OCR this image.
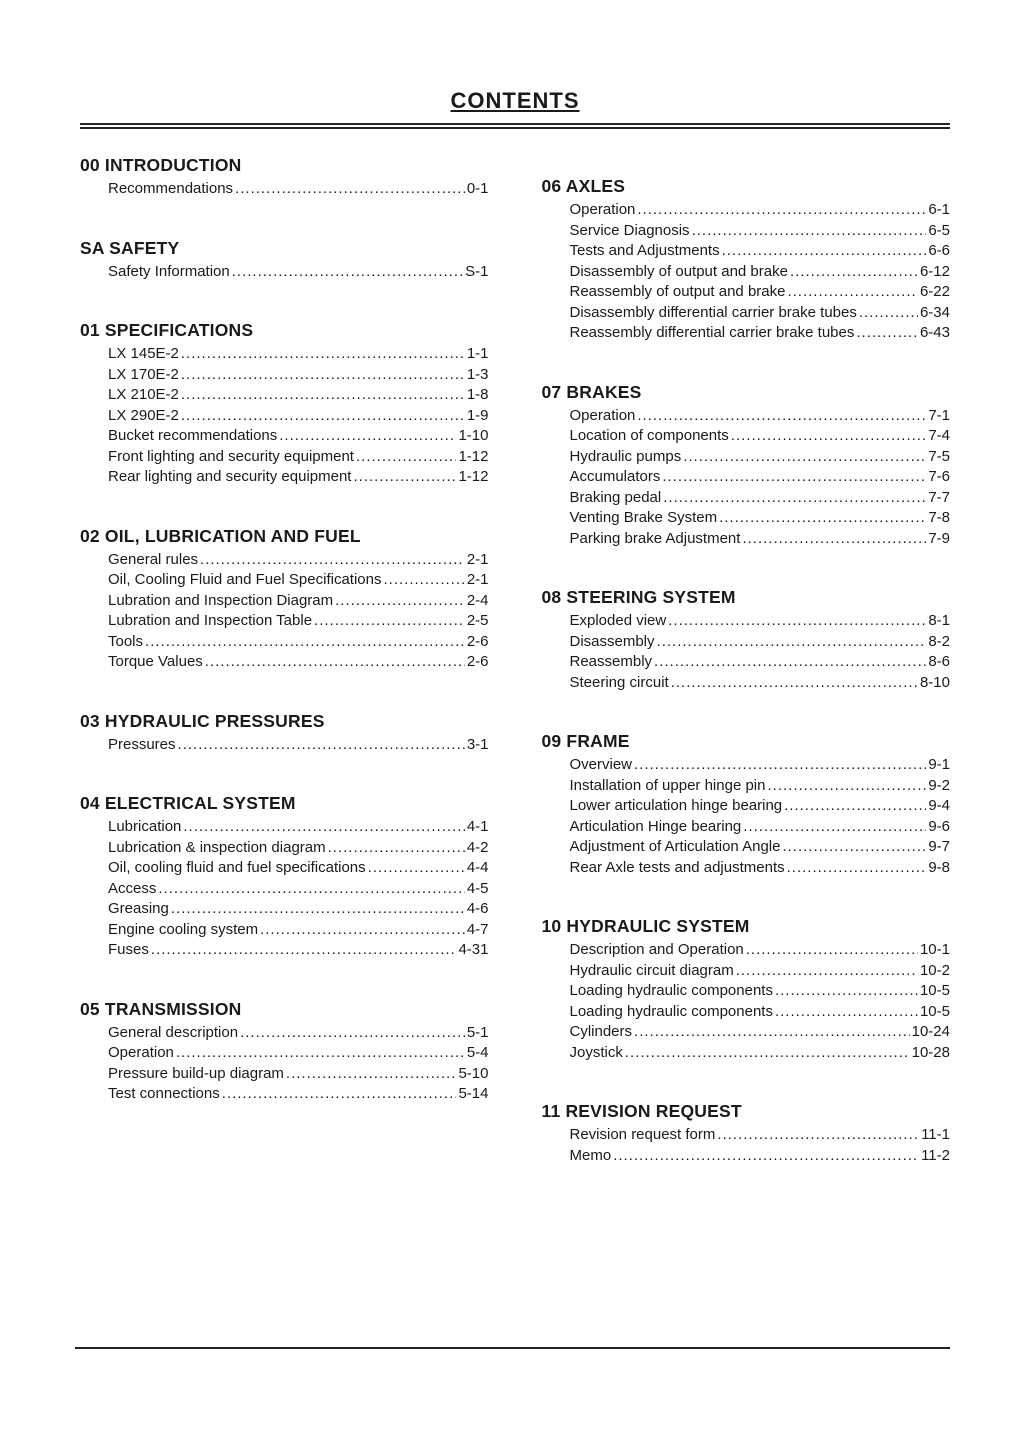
CONTENTS
00 INTRODUCTION
Recommendations .....	0-1
SA SAFETY
Safety Information .....	S-1
01 SPECIFICATIONS
LX 145E-2 .....	1-1
LX 170E-2 .....	1-3
LX 210E-2 .....	1-8
LX 290E-2 .....	1-9
Bucket recommendations .....	1-10
Front lighting and security equipment .....	1-12
Rear lighting and security equipment .....	1-12
02 OIL, LUBRICATION AND FUEL
General rules .....	2-1
Oil, Cooling Fluid and Fuel Specifications .....	2-1
Lubration and Inspection Diagram .....	2-4
Lubration and Inspection Table .....	2-5
Tools .....	2-6
Torque Values .....	2-6
03 HYDRAULIC PRESSURES
Pressures .....	3-1
04 ELECTRICAL SYSTEM
Lubrication .....	4-1
Lubrication & inspection diagram .....	4-2
Oil, cooling fluid and fuel specifications .....	4-4
Access .....	4-5
Greasing .....	4-6
Engine cooling system .....	4-7
Fuses .....	4-31
05 TRANSMISSION
General description .....	5-1
Operation .....	5-4
Pressure build-up diagram .....	5-10
Test connections .....	5-14
06 AXLES
Operation .....	6-1
Service Diagnosis .....	6-5
Tests and Adjustments .....	6-6
Disassembly of output and brake .....	6-12
Reassembly of output and brake .....	6-22
Disassembly differential carrier brake tubes .....	6-34
Reassembly differential carrier brake tubes .....	6-43
07 BRAKES
Operation .....	7-1
Location of components .....	7-4
Hydraulic pumps .....	7-5
Accumulators .....	7-6
Braking pedal .....	7-7
Venting Brake System .....	7-8
Parking brake Adjustment .....	7-9
08 STEERING SYSTEM
Exploded view .....	8-1
Disassembly .....	8-2
Reassembly .....	8-6
Steering circuit .....	8-10
09 FRAME
Overview .....	9-1
Installation of upper hinge pin .....	9-2
Lower articulation hinge bearing .....	9-4
Articulation Hinge bearing .....	9-6
Adjustment of Articulation Angle .....	9-7
Rear Axle tests and adjustments .....	9-8
10 HYDRAULIC SYSTEM
Description and Operation .....	10-1
Hydraulic circuit diagram .....	10-2
Loading hydraulic components .....	10-5
Loading hydraulic components .....	10-5
Cylinders .....	10-24
Joystick .....	10-28
11 REVISION REQUEST
Revision request form .....	11-1
Memo .....	11-2
